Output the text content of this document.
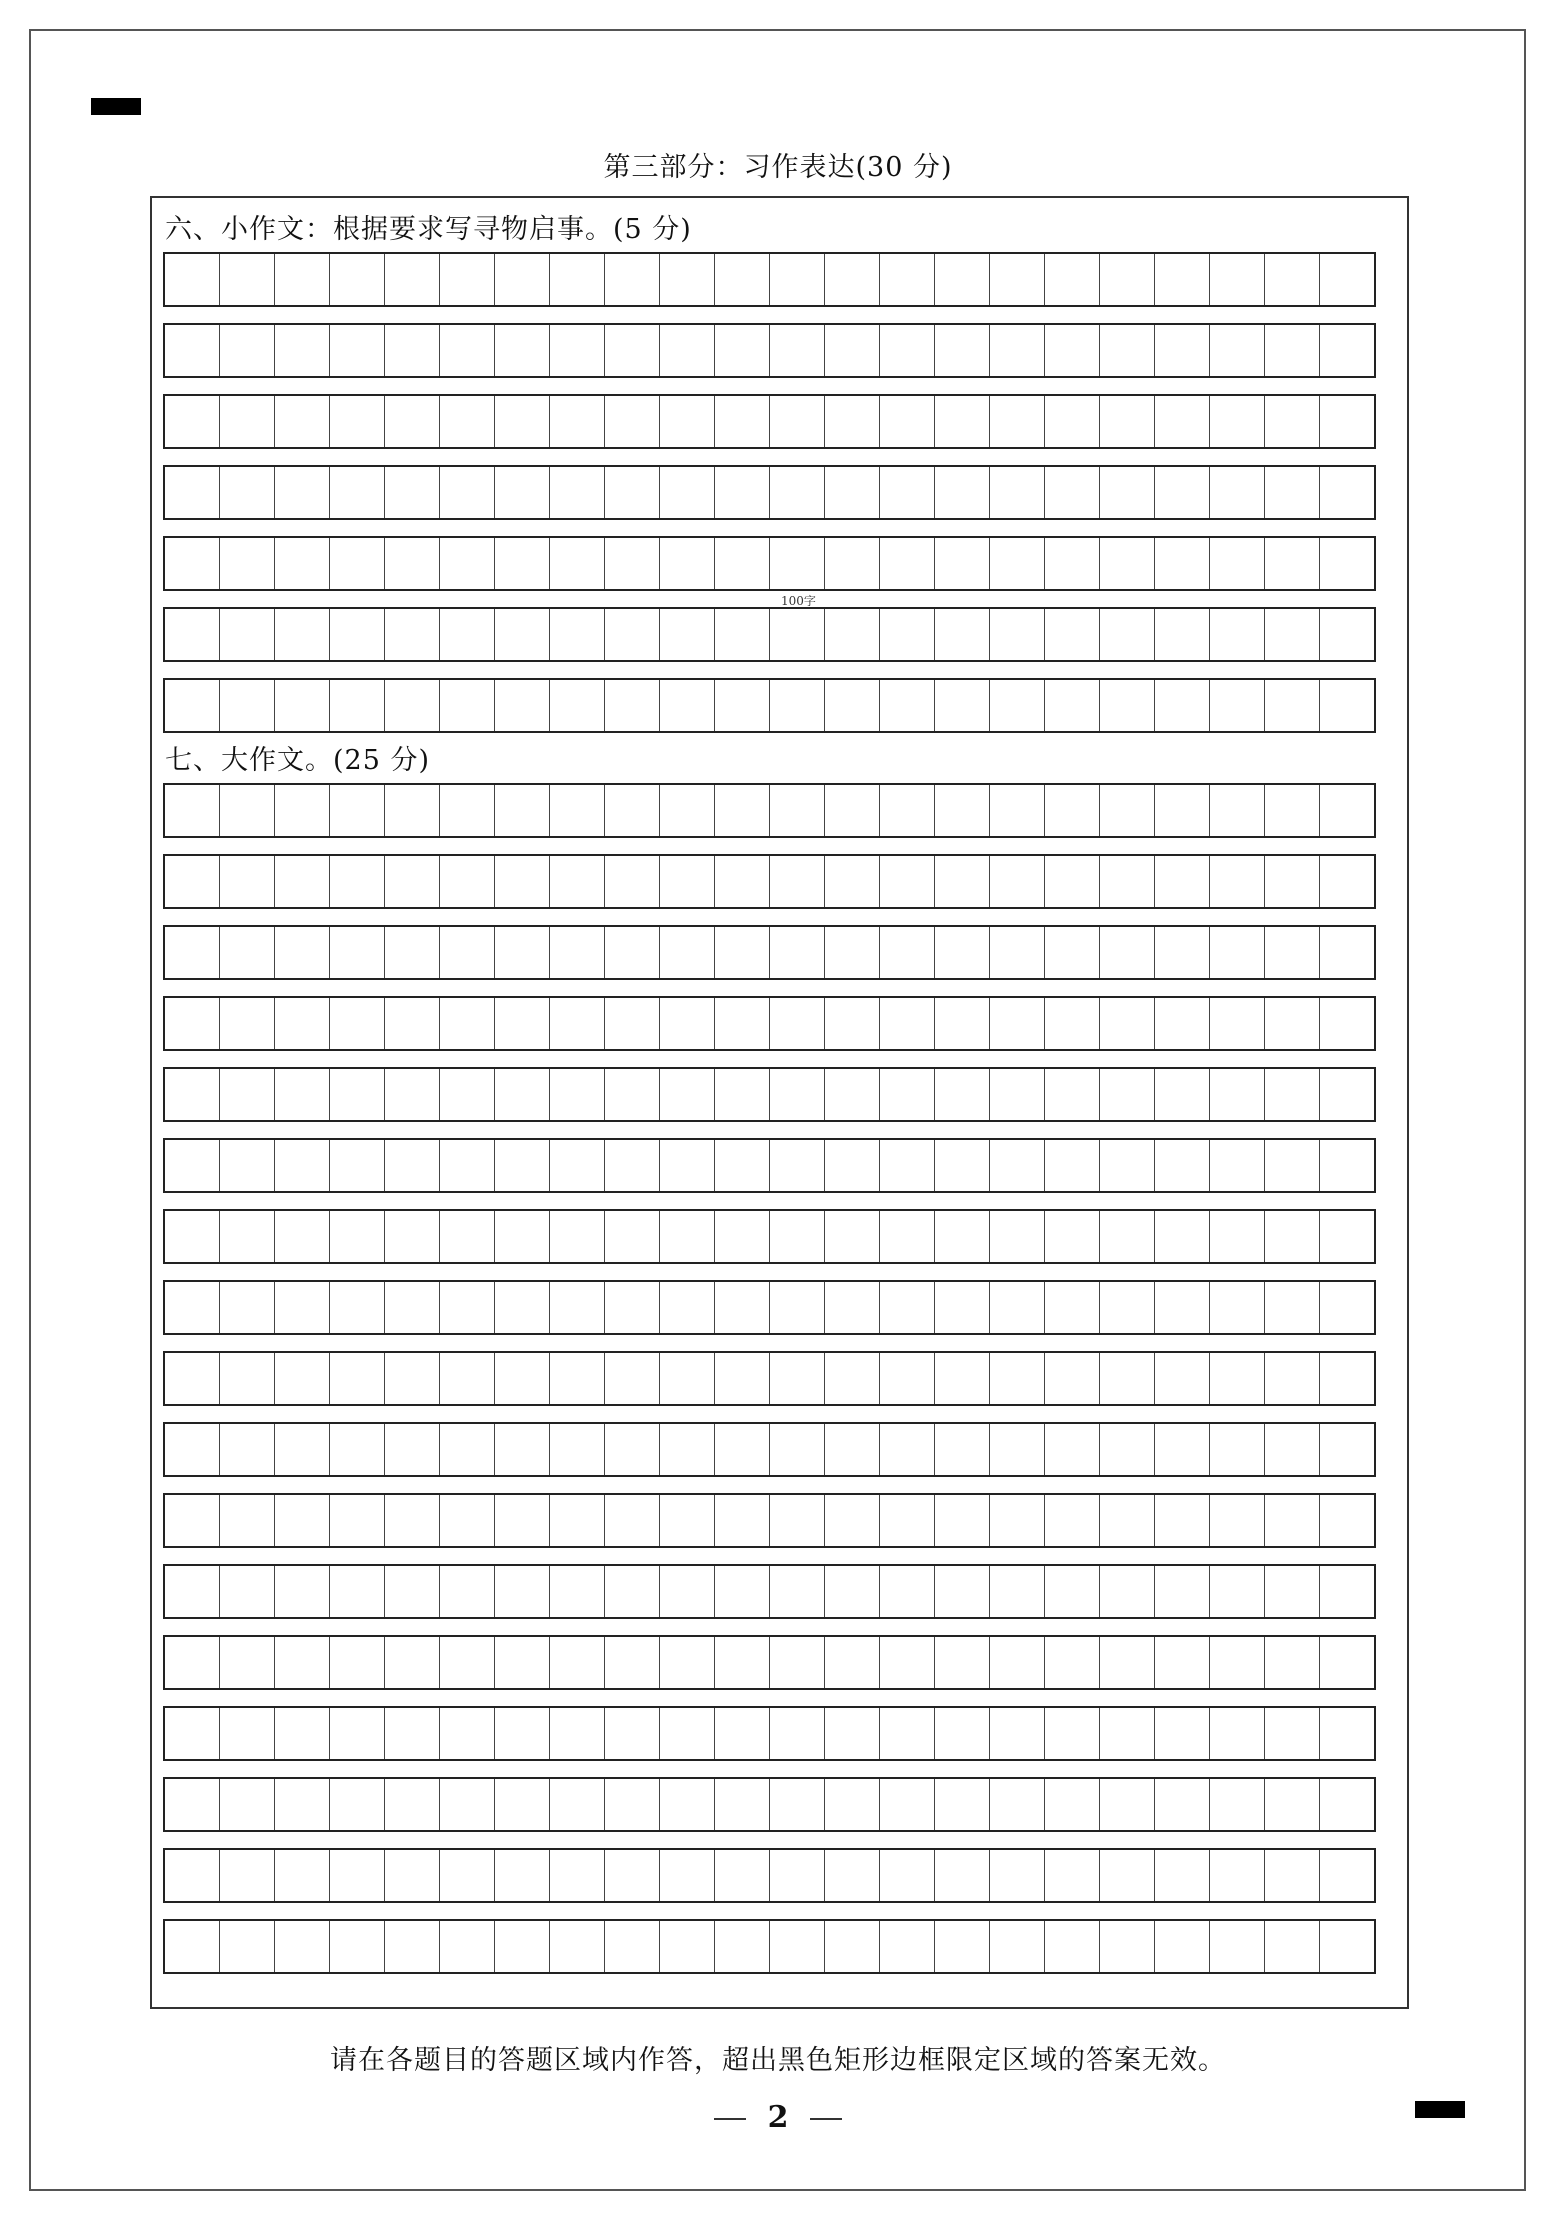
第三部分：习作表达(30 分)
六、小作文：根据要求写寻物启事。(5 分)
100字
七、大作文。(25 分)
请在各题目的答题区域内作答，超出黑色矩形边框限定区域的答案无效。
2
